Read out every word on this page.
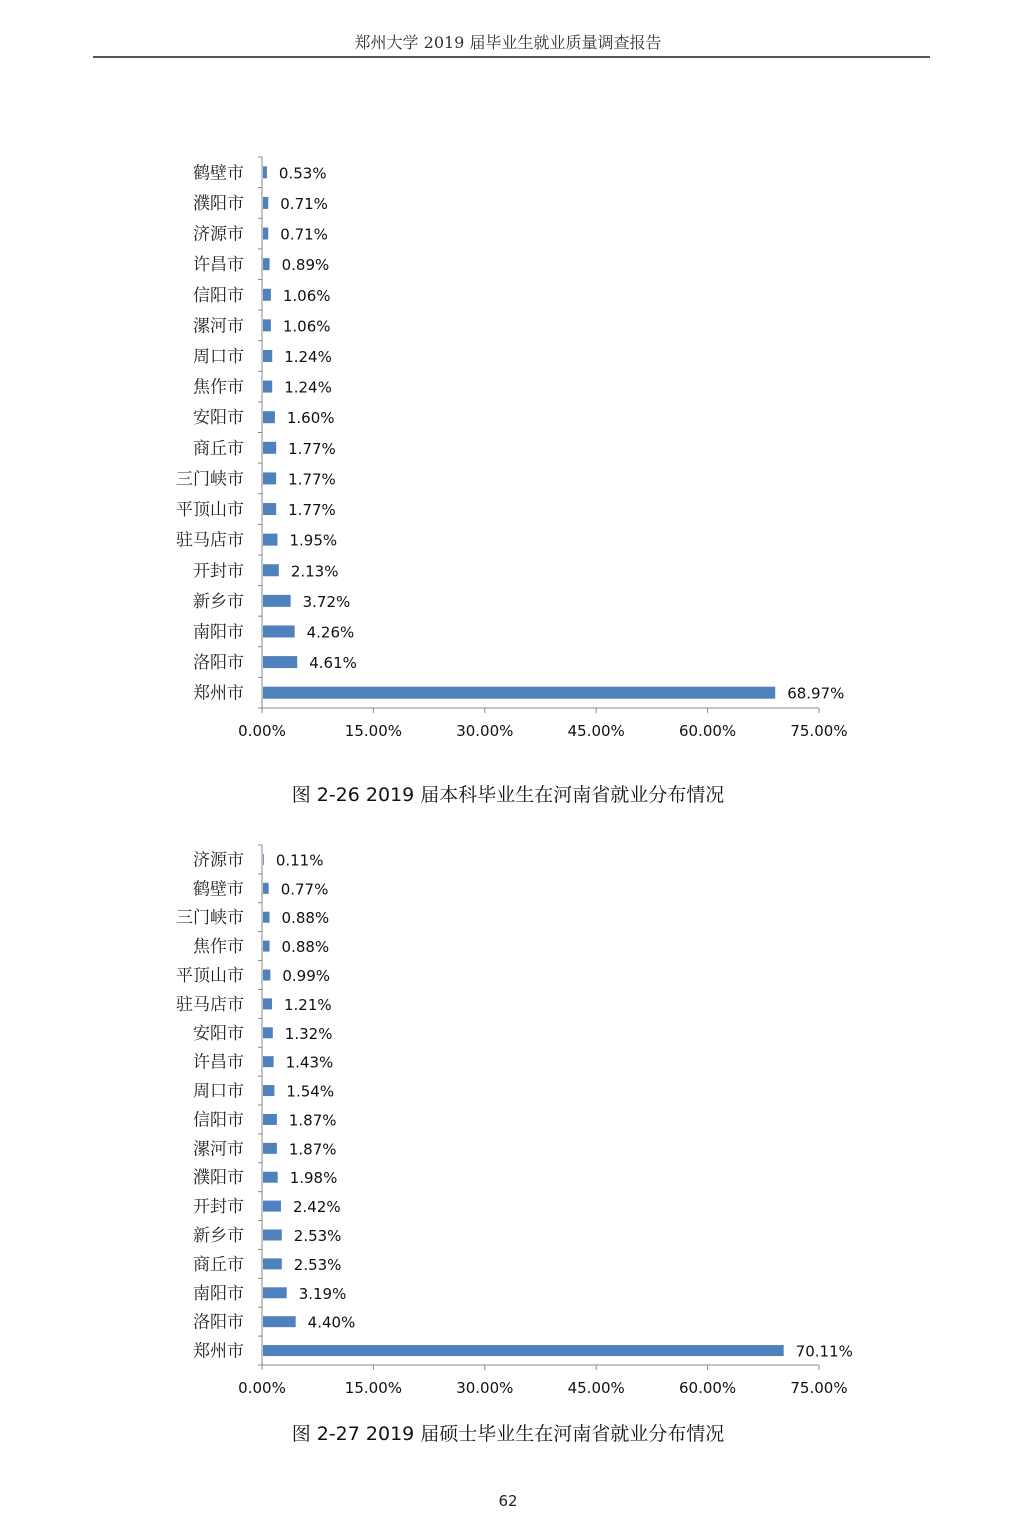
郑州大学 2019 届毕业生就业质量调查报告
0.00%	15.00%	30.00%	45.00%	60.00%	75.00%
鹤壁市 0.53%
濮阳市 0.71%
济源市 0.71%
许昌市	0.89%
信阳市	1.06%
漯河市	1.06%
周口市	1.24%
焦作市	1.24%
安阳市	1.60%
商丘市	1.77%
三门峡市	1.77%
平顶山市	1.77%
驻马店市	1.95%
开封市	2.13%
新乡市	3.72%
南阳市	4.26%
洛阳市	4.61%
郑州市	68.97%
图 2-26 2019 届本科毕业生在河南省就业分布情况
0.00%	15.00%	30.00%	45.00%	60.00%	75.00%
济源市 0.11%
鹤壁市 0.77%
三门峡市	0.88%
焦作市	0.88%
平顶山市	0.99%
驻马店市	1.21%
安阳市	1.32%
许昌市	1.43%
周口市	1.54%
信阳市	1.87%
漯河市	1.87%
濮阳市	1.98%
开封市	2.42%
新乡市	2.53%
商丘市	2.53%
南阳市	3.19%
洛阳市	4.40%
郑州市	70.11%
图 2-27 2019 届硕士毕业生在河南省就业分布情况
62
